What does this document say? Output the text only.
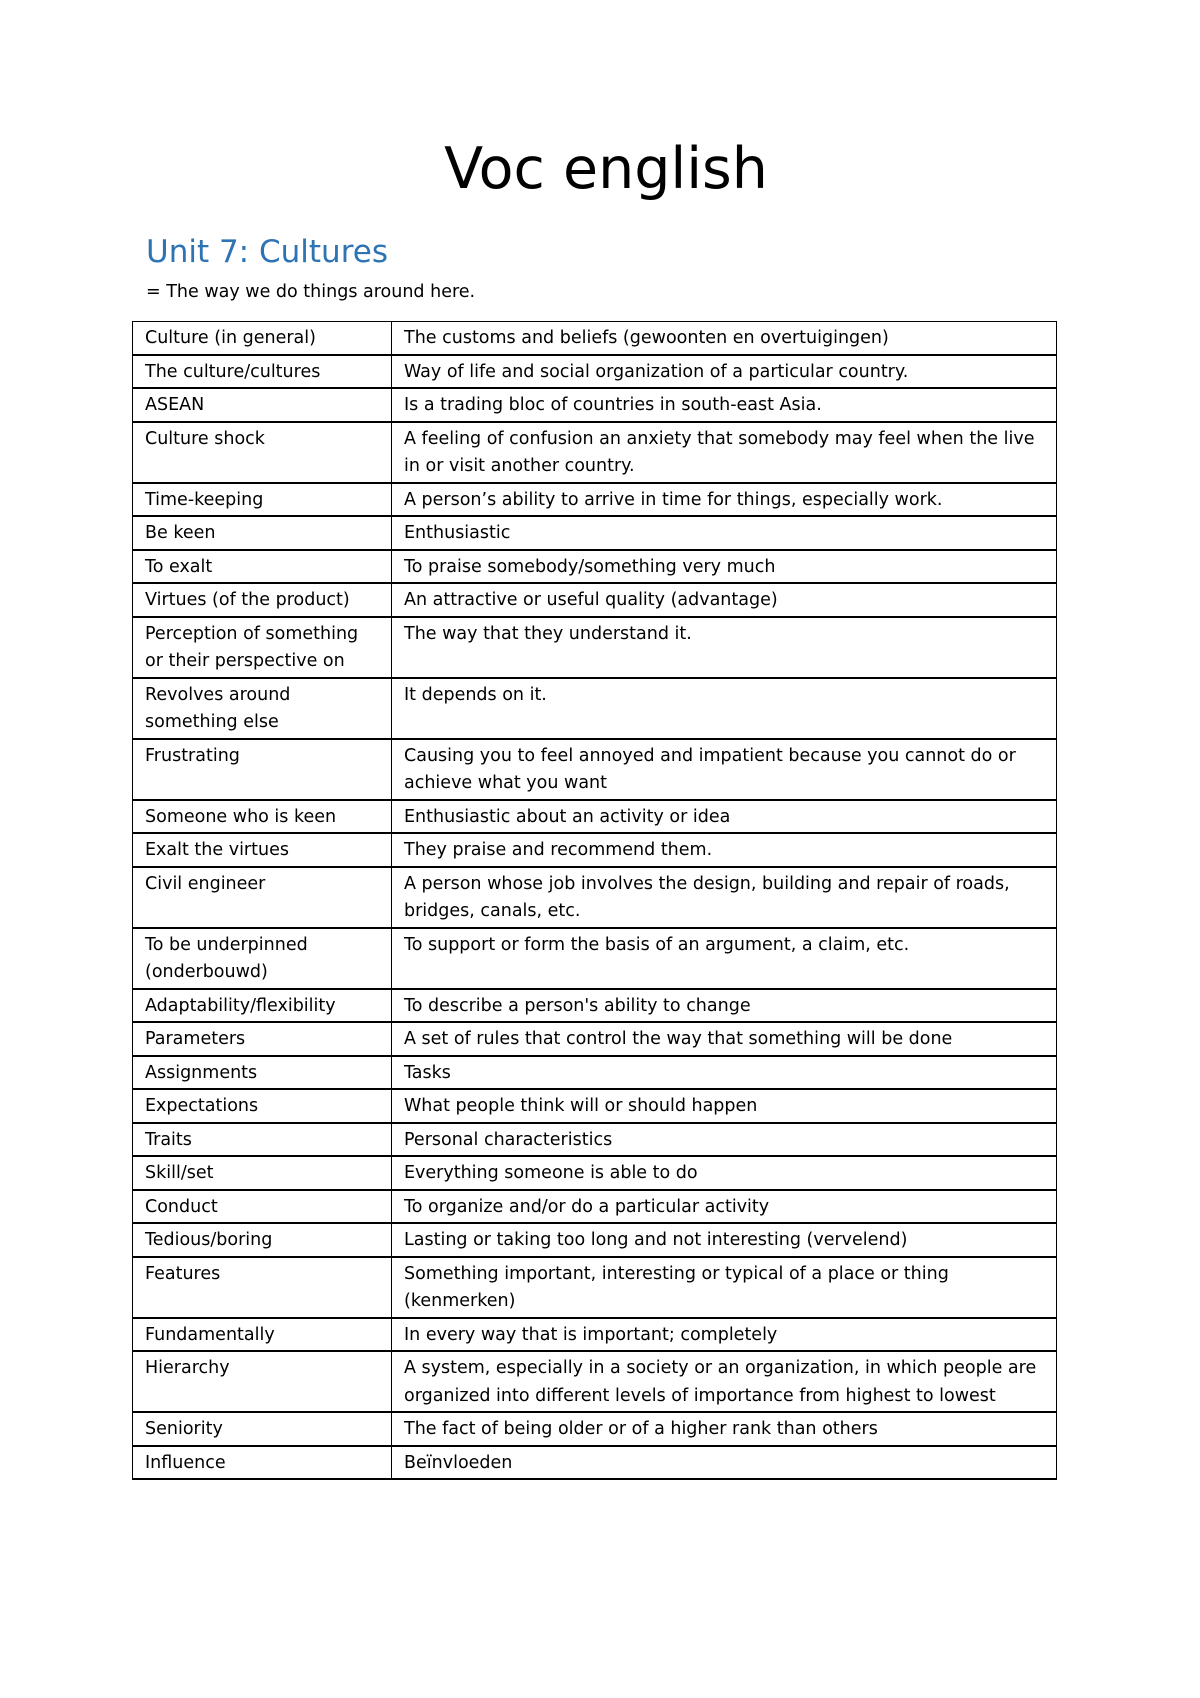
Voc english
Unit 7: Cultures

= The way we do things around here.

Culture (in general)	The customs and beliefs (gewoonten en overtuigingen)
The culture/cultures	Way of life and social organization of a particular country.
ASEAN	Is a trading bloc of countries in south-east Asia.
Culture shock	A feeling of confusion an anxiety that somebody may feel when the live in or visit another country.
Time-keeping	A person’s ability to arrive in time for things, especially work.
Be keen	Enthusiastic
To exalt	To praise somebody/something very much
Virtues (of the product)	An attractive or useful quality (advantage)
Perception of something or their perspective on	The way that they understand it.
Revolves around something else	It depends on it.
Frustrating	Causing you to feel annoyed and impatient because you cannot do or achieve what you want
Someone who is keen	Enthusiastic about an activity or idea
Exalt the virtues	They praise and recommend them.
Civil engineer	A person whose job involves the design, building and repair of roads, bridges, canals, etc.
To be underpinned (onderbouwd)	To support or form the basis of an argument, a claim, etc.
Adaptability/flexibility	To describe a person's ability to change
Parameters	A set of rules that control the way that something will be done
Assignments	Tasks
Expectations	What people think will or should happen
Traits	Personal characteristics
Skill/set	Everything someone is able to do
Conduct	To organize and/or do a particular activity
Tedious/boring	Lasting or taking too long and not interesting (vervelend)
Features	Something important, interesting or typical of a place or thing (kenmerken)
Fundamentally	In every way that is important; completely
Hierarchy	A system, especially in a society or an organization, in which people are organized into different levels of importance from highest to lowest
Seniority	The fact of being older or of a higher rank than others
Influence	Beïnvloeden
